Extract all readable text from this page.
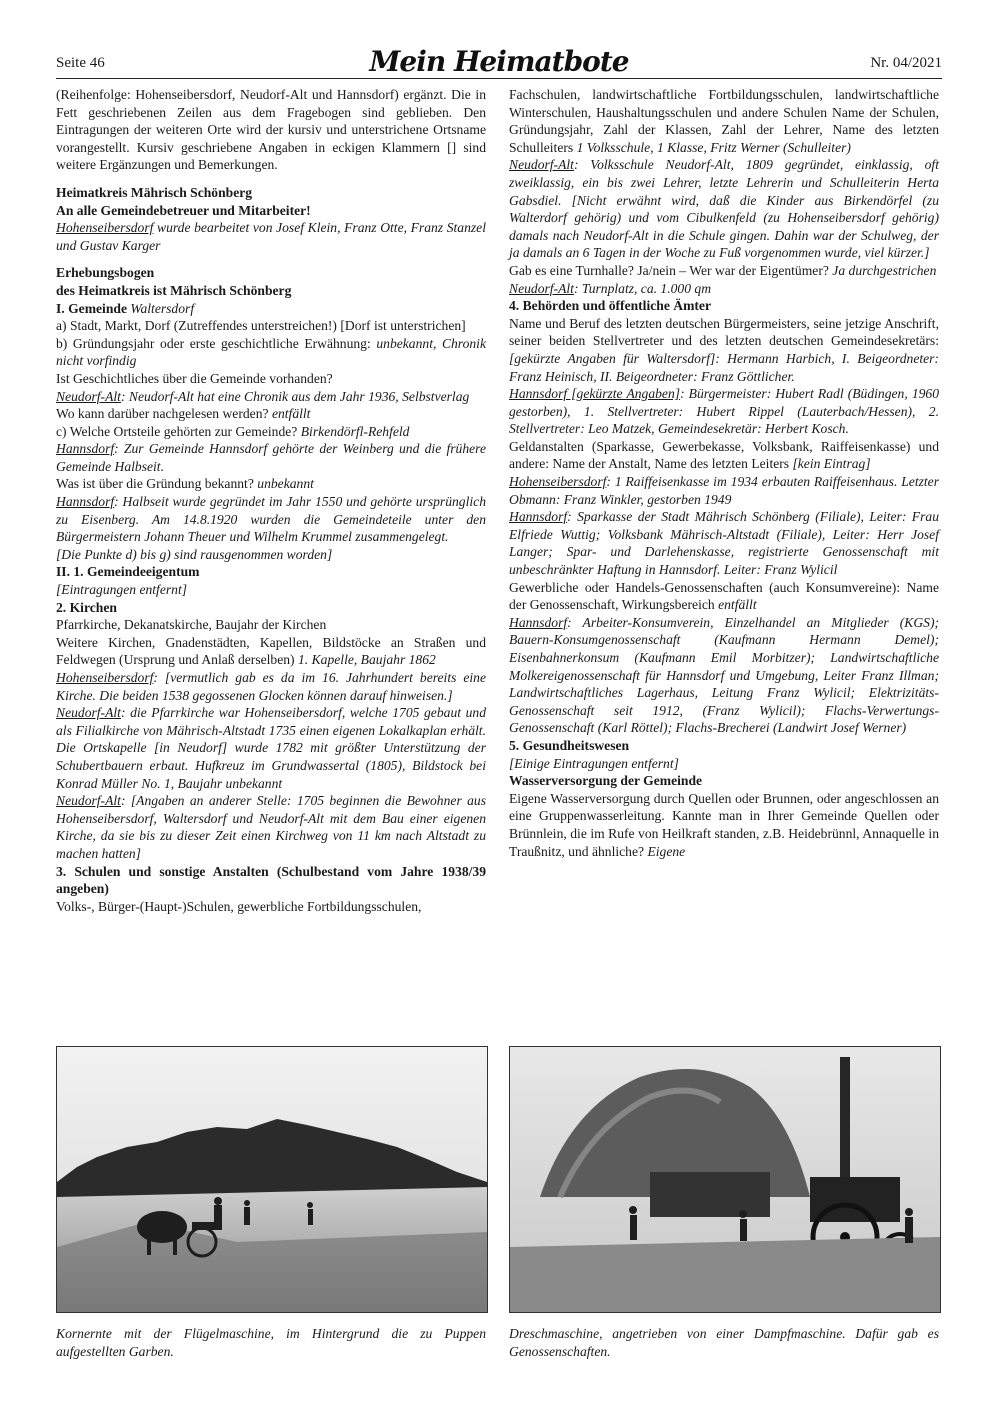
Seite 46	Mein Heimatbote	Nr. 04/2021

(Reihenfolge: Hohenseibersdorf, Neudorf-Alt und Hannsdorf) ergänzt. Die in Fett geschriebenen Zeilen aus dem Fragebogen sind geblieben. Den Eintragungen der weiteren Orte wird der kursiv und unterstrichene Ortsname vorangestellt. Kursiv geschriebene Angaben in eckigen Klammern [] sind weitere Ergänzungen und Bemerkungen.

Heimatkreis Mährisch Schönberg

An alle Gemeindebetreuer und Mitarbeiter!

Hohenseibersdorf wurde bearbeitet von Josef Klein, Franz Otte, Franz Stanzel und Gustav Karger

Erhebungsbogen

des Heimatkreis ist Mährisch Schönberg

I. Gemeinde Waltersdorf

a) Stadt, Markt, Dorf (Zutreffendes unterstreichen!) [Dorf ist unterstrichen]

b) Gründungsjahr oder erste geschichtliche Erwähnung: unbekannt, Chronik nicht vorfindig

Ist Geschichtliches über die Gemeinde vorhanden?

Neudorf-Alt: Neudorf-Alt hat eine Chronik aus dem Jahr 1936, Selbstverlag

Wo kann darüber nachgelesen werden? entfällt

c) Welche Ortsteile gehörten zur Gemeinde? Birkendörfl-Rehfeld

Hannsdorf: Zur Gemeinde Hannsdorf gehörte der Weinberg und die frühere Gemeinde Halbseit.

Was ist über die Gründung bekannt? unbekannt

Hannsdorf: Halbseit wurde gegründet im Jahr 1550 und gehörte ursprünglich zu Eisenberg. Am 14.8.1920 wurden die Gemeindeteile unter den Bürgermeistern Johann Theuer und Wilhelm Krummel zusammengelegt.

[Die Punkte d) bis g) sind rausgenommen worden]

II. 1. Gemeindeeigentum

[Eintragungen entfernt]

2. Kirchen

Pfarrkirche, Dekanatskirche, Baujahr der Kirchen

Weitere Kirchen, Gnadenstädten, Kapellen, Bildstöcke an Straßen und Feldwegen (Ursprung und Anlaß derselben) 1. Kapelle, Baujahr 1862

Hohenseibersdorf: [vermutlich gab es da im 16. Jahrhundert bereits eine Kirche. Die beiden 1538 gegossenen Glocken können darauf hinweisen.]

Neudorf-Alt: die Pfarrkirche war Hohenseibersdorf, welche 1705 gebaut und als Filialkirche von Mährisch-Altstadt 1735 einen eigenen Lokalkaplan erhält. Die Ortskapelle [in Neudorf] wurde 1782 mit größter Unterstützung der Schubertbauern erbaut. Hufkreuz im Grundwassertal (1805), Bildstock bei Konrad Müller No. 1, Baujahr unbekannt

Neudorf-Alt: [Angaben an anderer Stelle: 1705 beginnen die Bewohner aus Hohenseibersdorf, Waltersdorf und Neudorf-Alt mit dem Bau einer eigenen Kirche, da sie bis zu dieser Zeit einen Kirchweg von 11 km nach Altstadt zu machen hatten]

3. Schulen und sonstige Anstalten (Schulbestand vom Jahre 1938/39 angeben)

Volks-, Bürger-(Haupt-)Schulen, gewerbliche Fortbildungsschulen,

Fachschulen, landwirtschaftliche Fortbildungsschulen, landwirtschaftliche Winterschulen, Haushaltungsschulen und andere Schulen Name der Schulen, Gründungsjahr, Zahl der Klassen, Zahl der Lehrer, Name des letzten Schulleiters 1 Volksschule, 1 Klasse, Fritz Werner (Schulleiter)

Neudorf-Alt: Volksschule Neudorf-Alt, 1809 gegründet, einklassig, oft zweiklassig, ein bis zwei Lehrer, letzte Lehrerin und Schulleiterin Herta Gabsdiel. [Nicht erwähnt wird, daß die Kinder aus Birkendörfel (zu Walterdorf gehörig) und vom Cibulkenfeld (zu Hohenseibersdorf gehörig) damals nach Neudorf-Alt in die Schule gingen. Dahin war der Schulweg, der ja damals an 6 Tagen in der Woche zu Fuß vorgenommen wurde, viel kürzer.]

Gab es eine Turnhalle? Ja/nein – Wer war der Eigentümer? Ja durchgestrichen

Neudorf-Alt: Turnplatz, ca. 1.000 qm

4. Behörden und öffentliche Ämter

Name und Beruf des letzten deutschen Bürgermeisters, seine jetzige Anschrift, seiner beiden Stellvertreter und des letzten deutschen Gemeindesekretärs: [gekürzte Angaben für Waltersdorf]: Hermann Harbich, I. Beigeordneter: Franz Heinisch, II. Beigeordneter: Franz Göttlicher.

Hannsdorf [gekürzte Angaben]: Bürgermeister: Hubert Radl (Büdingen, 1960 gestorben), 1. Stellvertreter: Hubert Rippel (Lauterbach/Hessen), 2. Stellvertreter: Leo Matzek, Gemeindesekretär: Herbert Kosch.

Geldanstalten (Sparkasse, Gewerbekasse, Volksbank, Raiffeisenkasse) und andere: Name der Anstalt, Name des letzten Leiters [kein Eintrag]

Hohenseibersdorf: 1 Raiffeisenkasse im 1934 erbauten Raiffeisenhaus. Letzter Obmann: Franz Winkler, gestorben 1949

Hannsdorf: Sparkasse der Stadt Mährisch Schönberg (Filiale), Leiter: Frau Elfriede Wuttig; Volksbank Mährisch-Altstadt (Filiale), Leiter: Herr Josef Langer; Spar- und Darlehenskasse, registrierte Genossenschaft mit unbeschränkter Haftung in Hannsdorf. Leiter: Franz Wylicil

Gewerbliche oder Handels-Genossenschaften (auch Konsumvereine): Name der Genossenschaft, Wirkungsbereich entfällt

Hannsdorf: Arbeiter-Konsumverein, Einzelhandel an Mitglieder (KGS); Bauern-Konsumgenossenschaft (Kaufmann Hermann Demel); Eisenbahnerkonsum (Kaufmann Emil Morbitzer); Landwirtschaftliche Molkereigenossenschaft für Hannsdorf und Umgebung, Leiter Franz Illman; Landwirtschaftliches Lagerhaus, Leitung Franz Wylicil; Elektrizitäts-Genossenschaft seit 1912, (Franz Wylicil); Flachs-Verwertungs-Genossenschaft (Karl Röttel); Flachs-Brecherei (Landwirt Josef Werner)

5. Gesundheitswesen

[Einige Eintragungen entfernt]

Wasserversorgung der Gemeinde

Eigene Wasserversorgung durch Quellen oder Brunnen, oder angeschlossen an eine Gruppenwasserleitung. Kannte man in Ihrer Gemeinde Quellen oder Brünnlein, die im Rufe von Heilkraft standen, z.B. Heidebrünnl, Annaquelle in Traußnitz, und ähnliche? Eigene

Kornernte mit der Flügelmaschine, im Hintergrund die zu Puppen aufgestellten Garben.
Dreschmaschine, angetrieben von einer Dampfmaschine. Dafür gab es Genossenschaften.
